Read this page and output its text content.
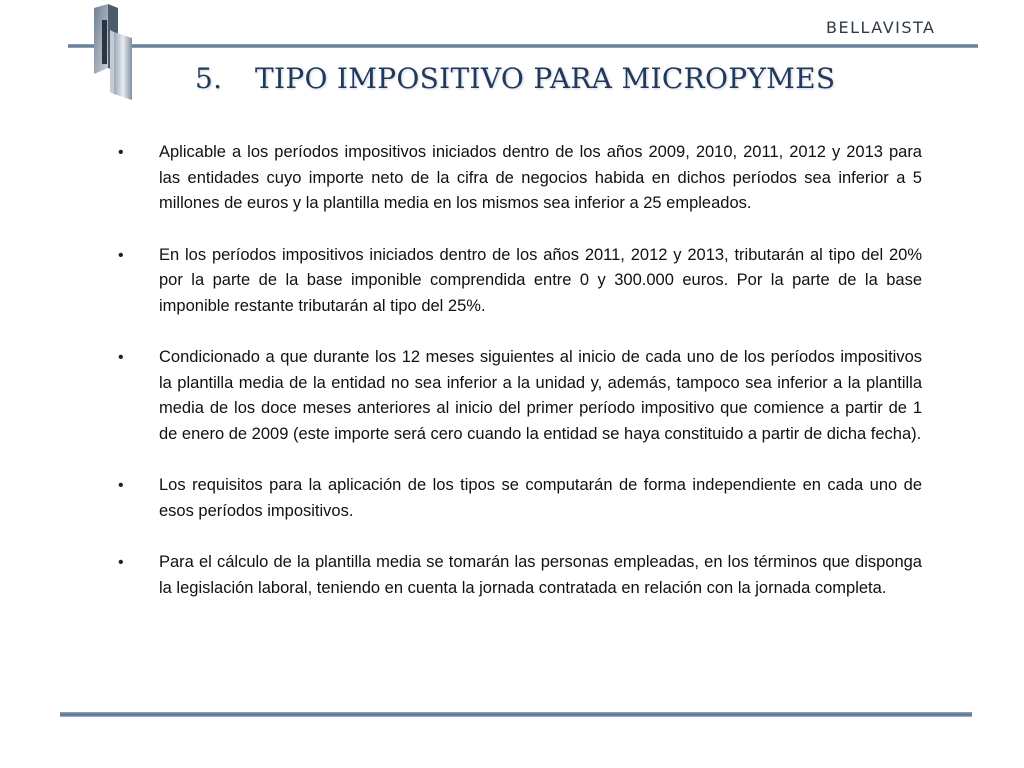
BELLAVISTA
5. TIPO IMPOSITIVO PARA MICROPYMES
• Aplicable a los períodos impositivos iniciados dentro de los años 2009, 2010, 2011, 2012 y 2013 para las entidades cuyo importe neto de la cifra de negocios habida en dichos períodos sea inferior a 5 millones de euros y la plantilla media en los mismos sea inferior a 25 empleados.
• En los períodos impositivos iniciados dentro de los años 2011, 2012 y 2013, tributarán al tipo del 20% por la parte de la base imponible comprendida entre 0 y 300.000 euros. Por la parte de la base imponible restante tributarán al tipo del 25%.
• Condicionado a que durante los 12 meses siguientes al inicio de cada uno de los períodos impositivos la plantilla media de la entidad no sea inferior a la unidad y, además, tampoco sea inferior a la plantilla media de los doce meses anteriores al inicio del primer período impositivo que comience a partir de 1 de enero de 2009 (este importe será cero cuando la entidad se haya constituido a partir de dicha fecha).
• Los requisitos para la aplicación de los tipos se computarán de forma independiente en cada uno de esos períodos impositivos.
• Para el cálculo de la plantilla media se tomarán las personas empleadas, en los términos que disponga la legislación laboral, teniendo en cuenta la jornada contratada en relación con la jornada completa.
